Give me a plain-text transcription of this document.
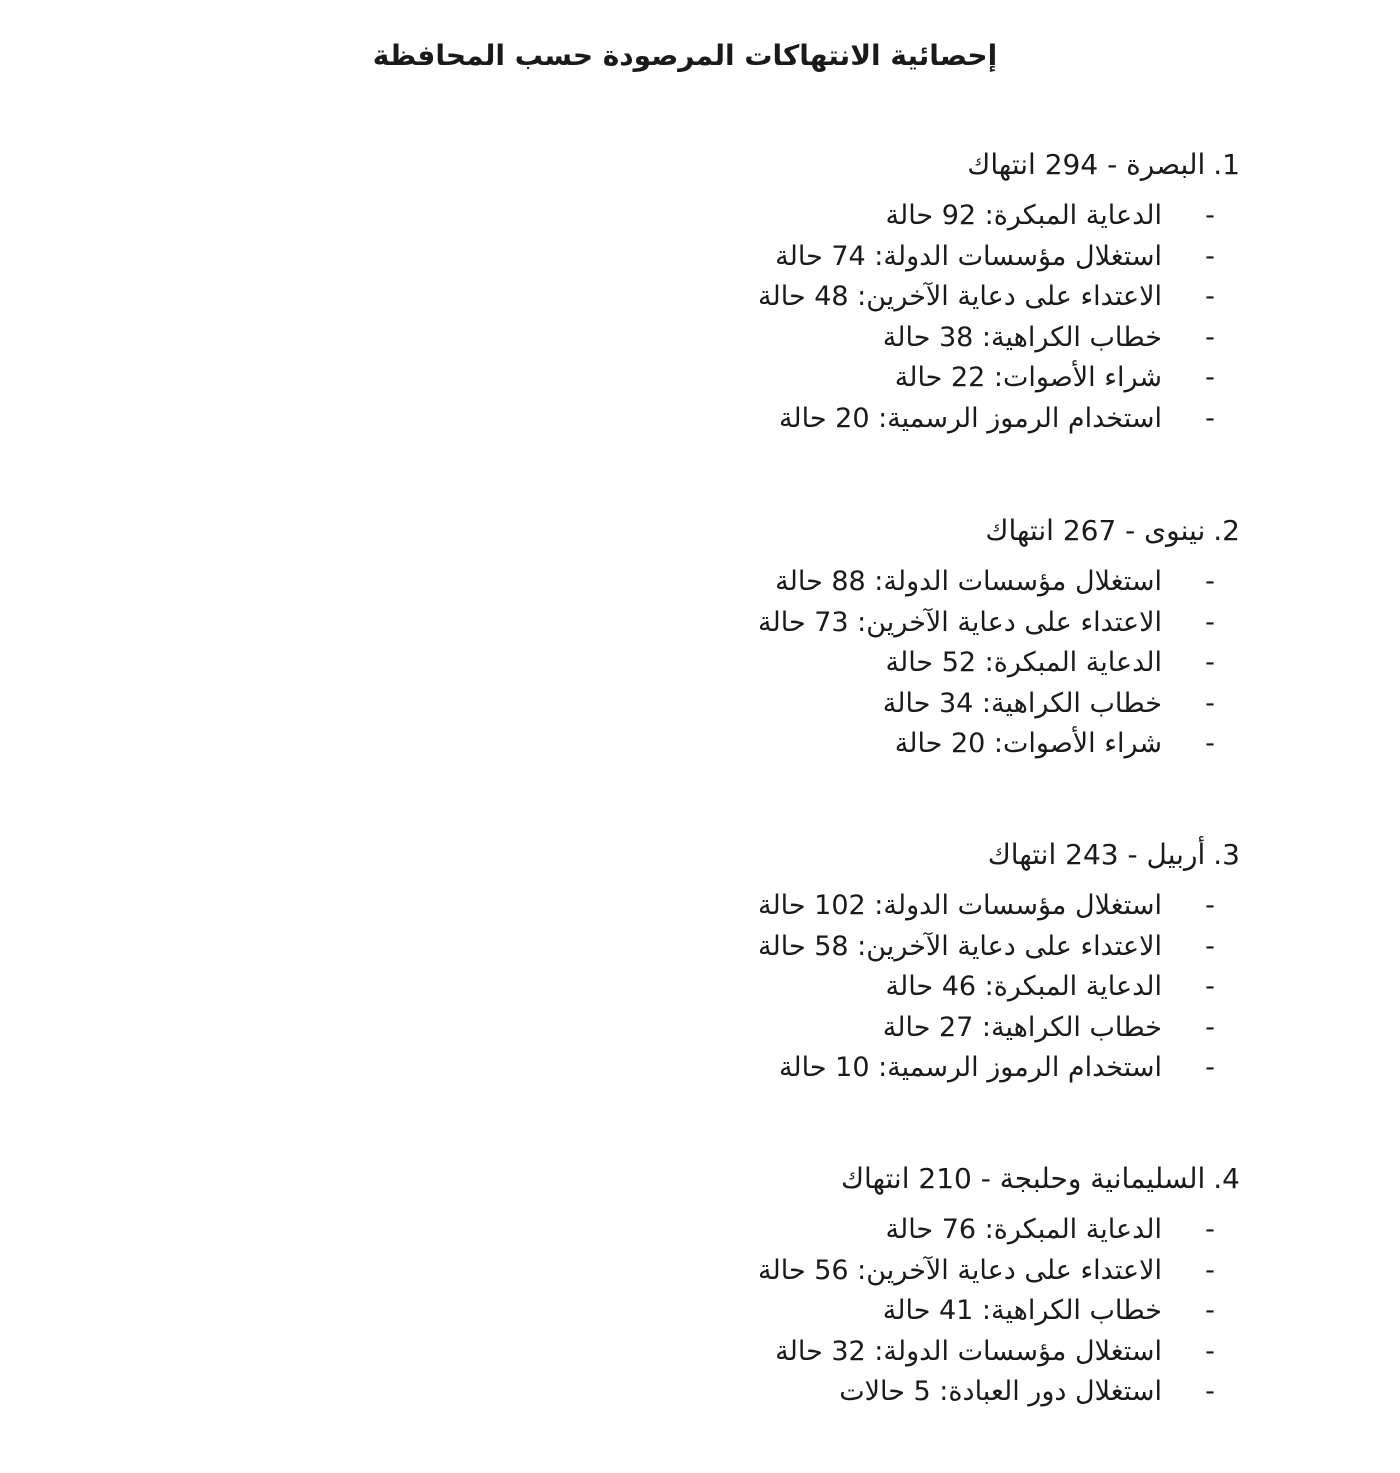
إحصائية الانتهاكات المرصودة حسب المحافظة
1.
البصرة - 294 انتهاك
-
الدعاية المبكرة: 92 حالة
-
استغلال مؤسسات الدولة: 74 حالة
-
الاعتداء على دعاية الآخرين: 48 حالة
-
خطاب الكراهية: 38 حالة
-
شراء الأصوات: 22 حالة
-
استخدام الرموز الرسمية: 20 حالة
2.
نينوى - 267 انتهاك
-
استغلال مؤسسات الدولة: 88 حالة
-
الاعتداء على دعاية الآخرين: 73 حالة
-
الدعاية المبكرة: 52 حالة
-
خطاب الكراهية: 34 حالة
-
شراء الأصوات: 20 حالة
3.
أربيل - 243 انتهاك
-
استغلال مؤسسات الدولة: 102 حالة
-
الاعتداء على دعاية الآخرين: 58 حالة
-
الدعاية المبكرة: 46 حالة
-
خطاب الكراهية: 27 حالة
-
استخدام الرموز الرسمية: 10 حالة
4.
السليمانية وحلبجة - 210 انتهاك
-
الدعاية المبكرة: 76 حالة
-
الاعتداء على دعاية الآخرين: 56 حالة
-
خطاب الكراهية: 41 حالة
-
استغلال مؤسسات الدولة: 32 حالة
-
استغلال دور العبادة: 5 حالات
